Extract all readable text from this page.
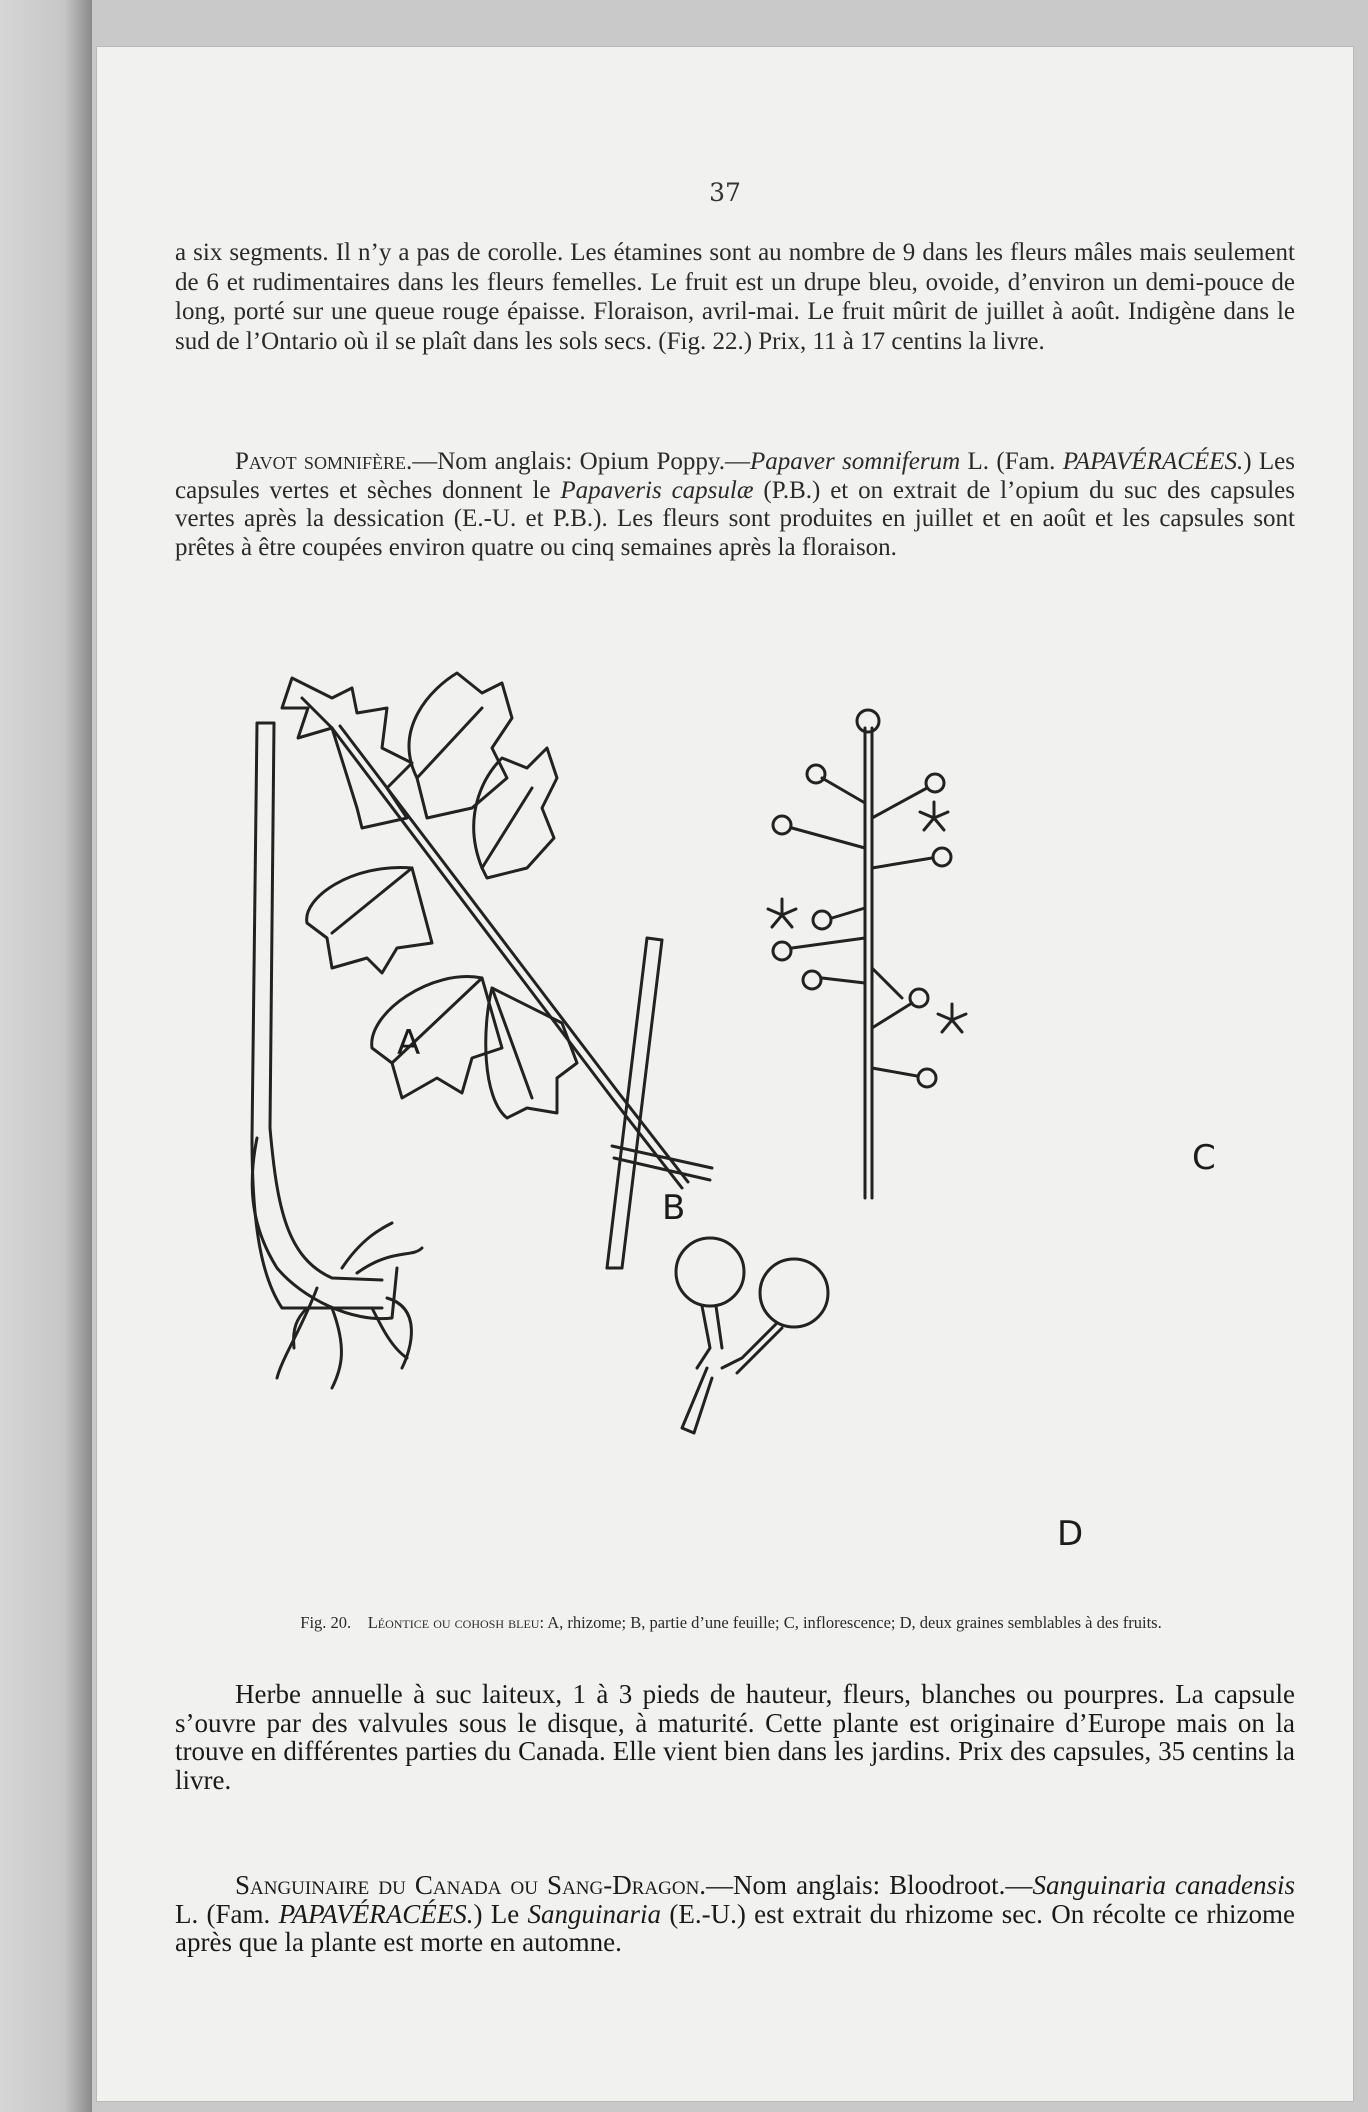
37

a six segments. Il n’y a pas de corolle. Les étamines sont au nombre de 9 dans les fleurs mâles mais seulement de 6 et rudimentaires dans les fleurs femelles. Le fruit est un drupe bleu, ovoide, d’environ un demi-pouce de long, porté sur une queue rouge épaisse. Floraison, avril-mai. Le fruit mûrit de juillet à août. Indigène dans le sud de l’Ontario où il se plaît dans les sols secs. (Fig. 22.) Prix, 11 à 17 centins la livre.

Pavot somnifère.—Nom anglais: Opium Poppy.—Papaver somniferum L. (Fam. PAPAVÉRACÉES.) Les capsules vertes et sèches donnent le Papaveris capsulæ (P.B.) et on extrait de l’opium du suc des capsules vertes après la dessication (E.-U. et P.B.). Les fleurs sont produites en juillet et en août et les capsules sont prêtes à être coupées environ quatre ou cinq semaines après la floraison.

A
B
C
D
Fig. 20. Léontice ou cohosh bleu: A, rhizome; B, partie d’une feuille; C, inflorescence; D, deux graines semblables à des fruits.

Herbe annuelle à suc laiteux, 1 à 3 pieds de hauteur, fleurs, blanches ou pourpres. La capsule s’ouvre par des valvules sous le disque, à maturité. Cette plante est originaire d’Europe mais on la trouve en différentes parties du Canada. Elle vient bien dans les jardins. Prix des capsules, 35 centins la livre.

Sanguinaire du Canada ou Sang-Dragon.—Nom anglais: Bloodroot.—Sanguinaria canadensis L. (Fam. PAPAVÉRACÉES.) Le Sanguinaria (E.-U.) est extrait du rhizome sec. On récolte ce rhizome après que la plante est morte en automne.
